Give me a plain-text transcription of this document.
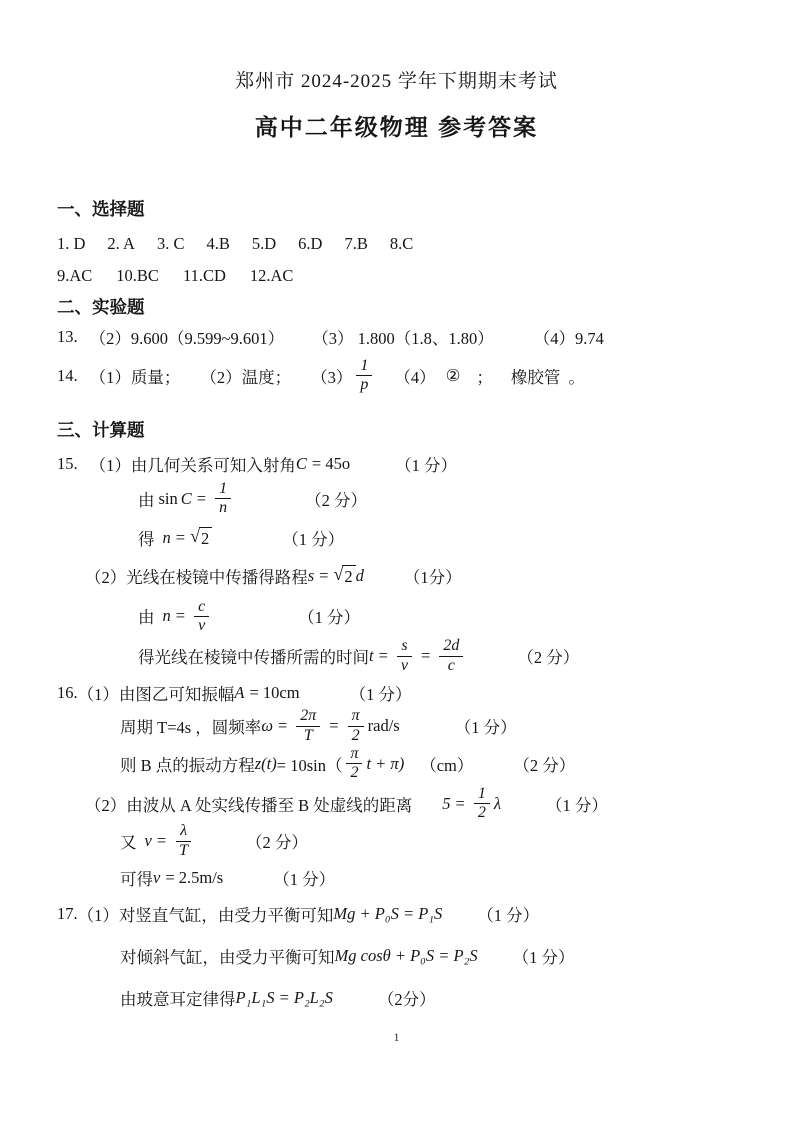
郑州市 2024-2025 学年下期期末考试
高中二年级物理 参考答案
一、选择题
1. D 2. A 3. C 4.B 5.D 6.D 7.B 8.C
9.AC 10.BC 11.CD 12.AC
二、实验题
13. （2）9.600（9.599~9.601） （3） 1.800（1.8、1.80） （4）9.74
14. （1）质量； （2）温度； $(3) \frac{1}{p} (4)$ ② ； 橡胶管 。
三、计算题
15. （1）由几何关系可知入射角 C = 45o	（1 分）
由 $\sin C = \frac{1}{n}$	（2 分）
得 n = √ 2	（1 分）
（2）光线在棱镜中传播得路程 s = √ 2 d （1分）
由 $n = \frac{c}{v}$	（1 分）
得光线在棱镜中传播所需的时间 $t = \frac{s}{v} = \frac{2d}{c}$	（2 分）
16. （1）由图乙可知振幅 A = 10cm	（1 分）
周期 T=4s ，圆频率 $\omega = \frac{2\pi}{T} = \frac{\pi}{2} rad/s$	（1 分）
则 B 点的振动方程 $z(t) = 10\sin( \frac{\pi}{2}$ t + π) （cm） （2 分）
（2）由波从 A 处实线传播至 B 处虚线的距离 $5 = \frac{1}{2}$ λ	（1 分）
又 $v = \frac{\lambda}{T}$	（2 分）
可得 v = 2.5m/s	（1 分）
17. （1）对竖直气缸，由受力平衡可知 Mg + P₀S = P₁S （1 分）
对倾斜气缸，由受力平衡可知 Mg cosθ + P₀S = P₂S （1 分）
由玻意耳定律得 P₁L₁S = P₂L₂S	（2分）
1
